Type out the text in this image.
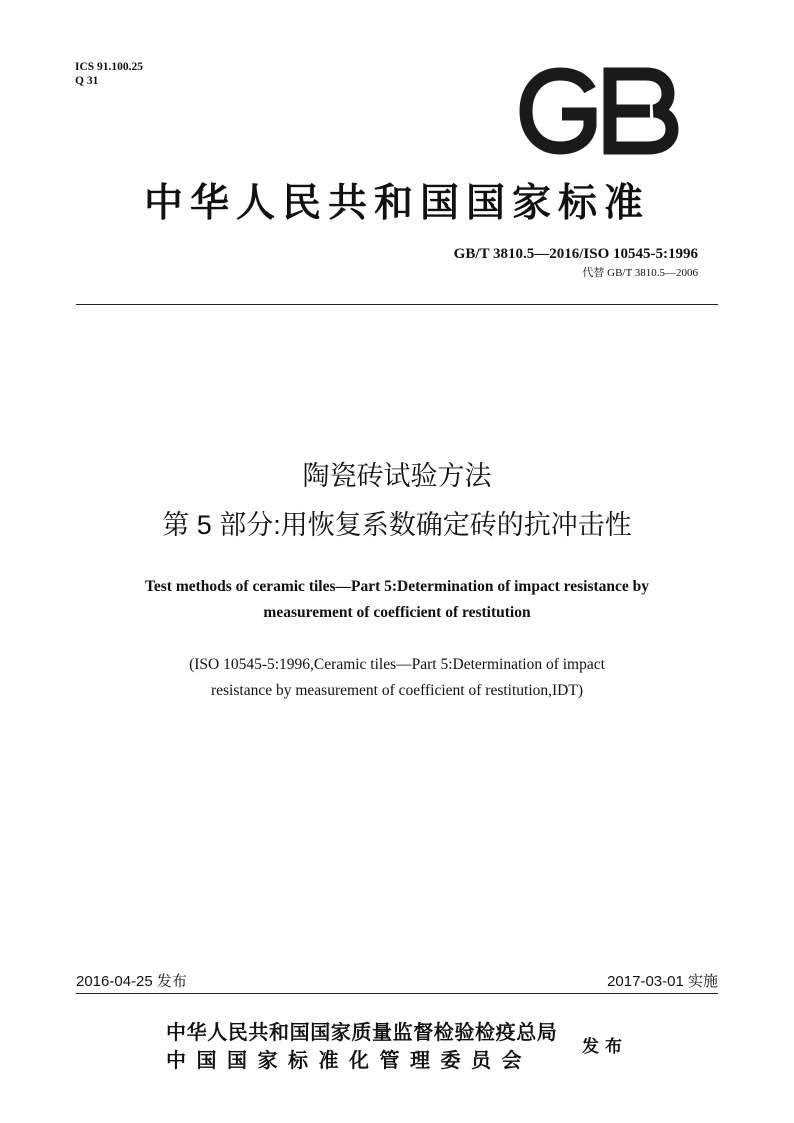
ICS 91.100.25
Q 31
GB
中华人民共和国国家标准
GB/T 3810.5—2016/ISO 10545-5:1996
代替 GB/T 3810.5—2006
陶瓷砖试验方法
第 5 部分:用恢复系数确定砖的抗冲击性
Test methods of ceramic tiles—Part 5:Determination of impact resistance by
measurement of coefficient of restitution
(ISO 10545-5:1996,Ceramic tiles—Part 5:Determination of impact
resistance by measurement of coefficient of restitution,IDT)
2016-04-25 发布	2017-03-01 实施
中华人民共和国国家质量监督检验检疫总局
中国国家标准化管理委员会
发布
